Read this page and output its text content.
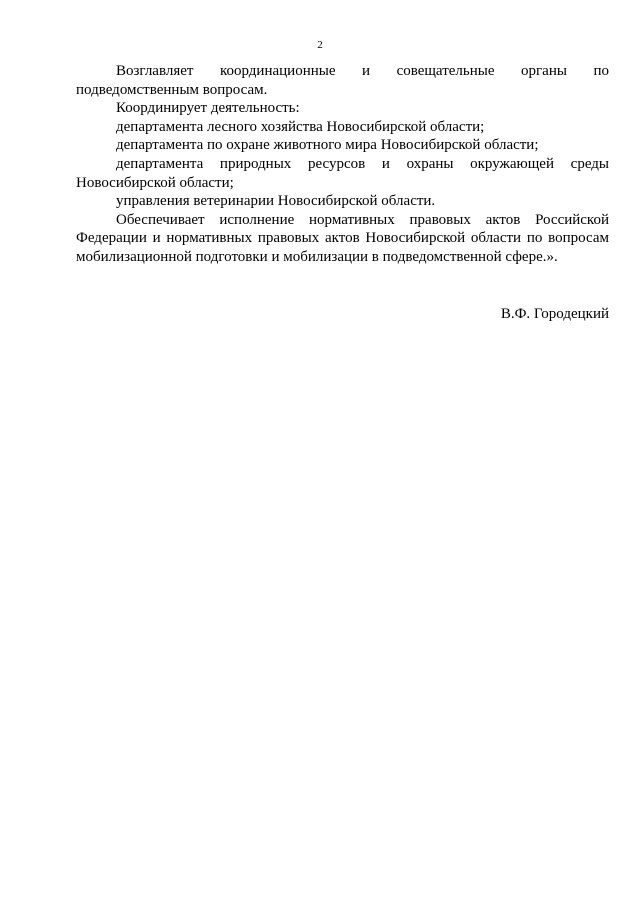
2

Возглавляет координационные и совещательные органы по подведомственным вопросам.

Координирует деятельность:

департамента лесного хозяйства Новосибирской области;

департамента по охране животного мира Новосибирской области;

департамента природных ресурсов и охраны окружающей среды Новосибирской области;

управления ветеринарии Новосибирской области.

Обеспечивает исполнение нормативных правовых актов Российской Федерации и нормативных правовых актов Новосибирской области по вопросам мобилизационной подготовки и мобилизации в подведомственной сфере.».

В.Ф. Городецкий
